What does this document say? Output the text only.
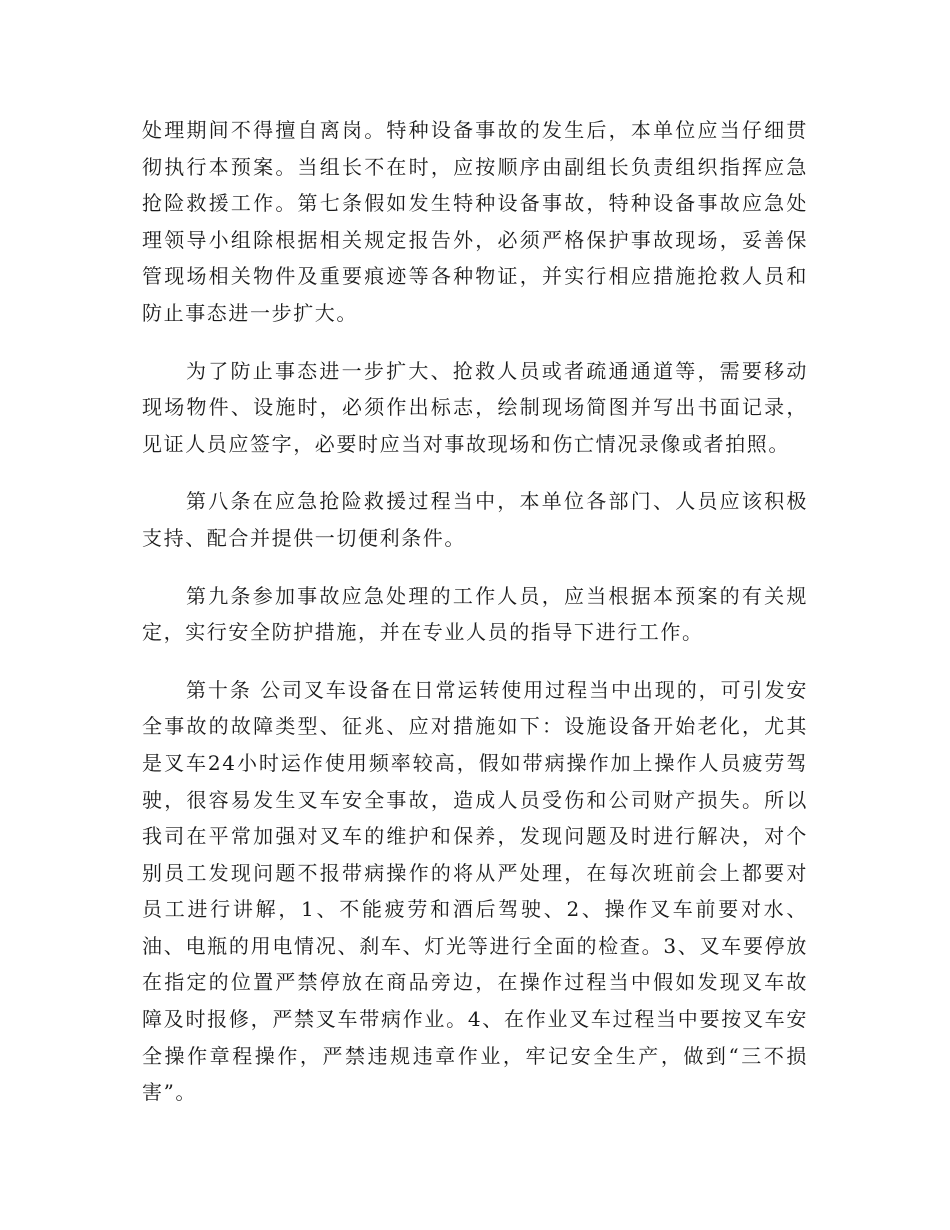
处理期间不得擅自离岗。特种设备事故的发生后，本单位应当仔细贯彻执行本预案。当组长不在时，应按顺序由副组长负责组织指挥应急抢险救援工作。第七条假如发生特种设备事故，特种设备事故应急处理领导小组除根据相关规定报告外，必须严格保护事故现场，妥善保管现场相关物件及重要痕迹等各种物证，并实行相应措施抢救人员和防止事态进一步扩大。

为了防止事态进一步扩大、抢救人员或者疏通通道等，需要移动现场物件、设施时，必须作出标志，绘制现场简图并写出书面记录，见证人员应签字，必要时应当对事故现场和伤亡情况录像或者拍照。

第八条在应急抢险救援过程当中，本单位各部门、人员应该积极支持、配合并提供一切便利条件。

第九条参加事故应急处理的工作人员，应当根据本预案的有关规定，实行安全防护措施，并在专业人员的指导下进行工作。

第十条 公司叉车设备在日常运转使用过程当中出现的，可引发安全事故的故障类型、征兆、应对措施如下：设施设备开始老化，尤其是叉车24小时运作使用频率较高，假如带病操作加上操作人员疲劳驾驶，很容易发生叉车安全事故，造成人员受伤和公司财产损失。所以我司在平常加强对叉车的维护和保养，发现问题及时进行解决，对个别员工发现问题不报带病操作的将从严处理，在每次班前会上都要对员工进行讲解，1、不能疲劳和酒后驾驶、2、操作叉车前要对水、油、电瓶的用电情况、刹车、灯光等进行全面的检查。3、叉车要停放在指定的位置严禁停放在商品旁边，在操作过程当中假如发现叉车故障及时报修，严禁叉车带病作业。4、在作业叉车过程当中要按叉车安全操作章程操作，严禁违规违章作业，牢记安全生产，做到“三不损害”。
